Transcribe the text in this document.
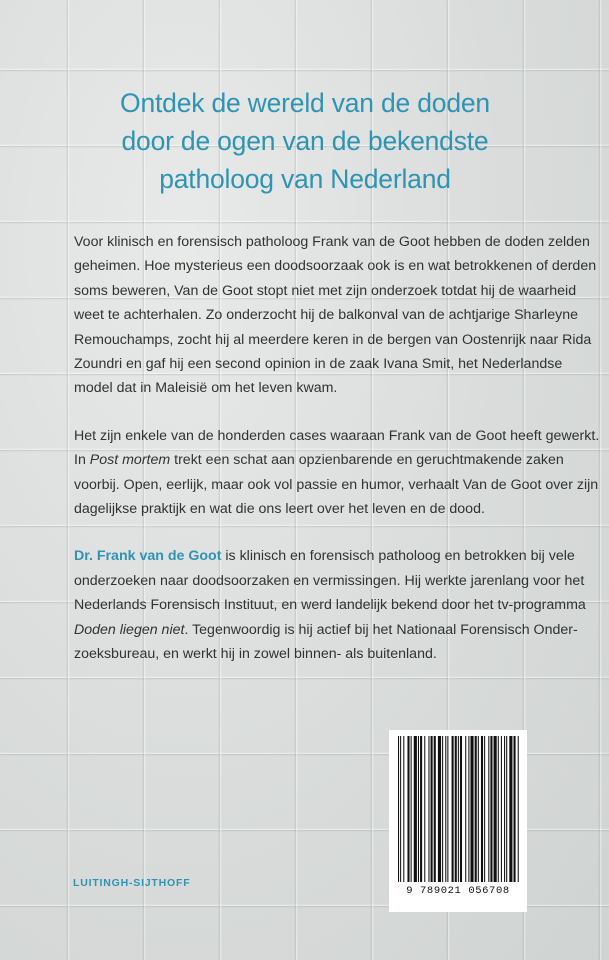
Ontdek de wereld van de doden
door de ogen van de bekendste
patholoog van Nederland

Voor klinisch en forensisch patholoog Frank van de Goot hebben de doden zelden
geheimen. Hoe mysterieus een doodsoorzaak ook is en wat betrokkenen of derden
soms beweren, Van de Goot stopt niet met zijn onderzoek totdat hij de waarheid
weet te achterhalen. Zo onderzocht hij de balkonval van de achtjarige Sharleyne
Remouchamps, zocht hij al meerdere keren in de bergen van Oostenrijk naar Rida
Zoundri en gaf hij een second opinion in de zaak Ivana Smit, het Nederlandse
model dat in Maleisië om het leven kwam.

Het zijn enkele van de honderden cases waaraan Frank van de Goot heeft gewerkt.
In Post mortem trekt een schat aan opzienbarende en geruchtmakende zaken
voorbij. Open, eerlijk, maar ook vol passie en humor, verhaalt Van de Goot over zijn
dagelijkse praktijk en wat die ons leert over het leven en de dood.

Dr. Frank van de Goot is klinisch en forensisch patholoog en betrokken bij vele
onderzoeken naar doodsoorzaken en vermissingen. Hij werkte jarenlang voor het
Nederlands Forensisch Instituut, en werd landelijk bekend door het tv-programma
Doden liegen niet. Tegenwoordig is hij actief bij het Nationaal Forensisch Onder-
zoeksbureau, en werkt hij in zowel binnen- als buitenland.

LUITINGH-SIJTHOFF
9 789021 056708
